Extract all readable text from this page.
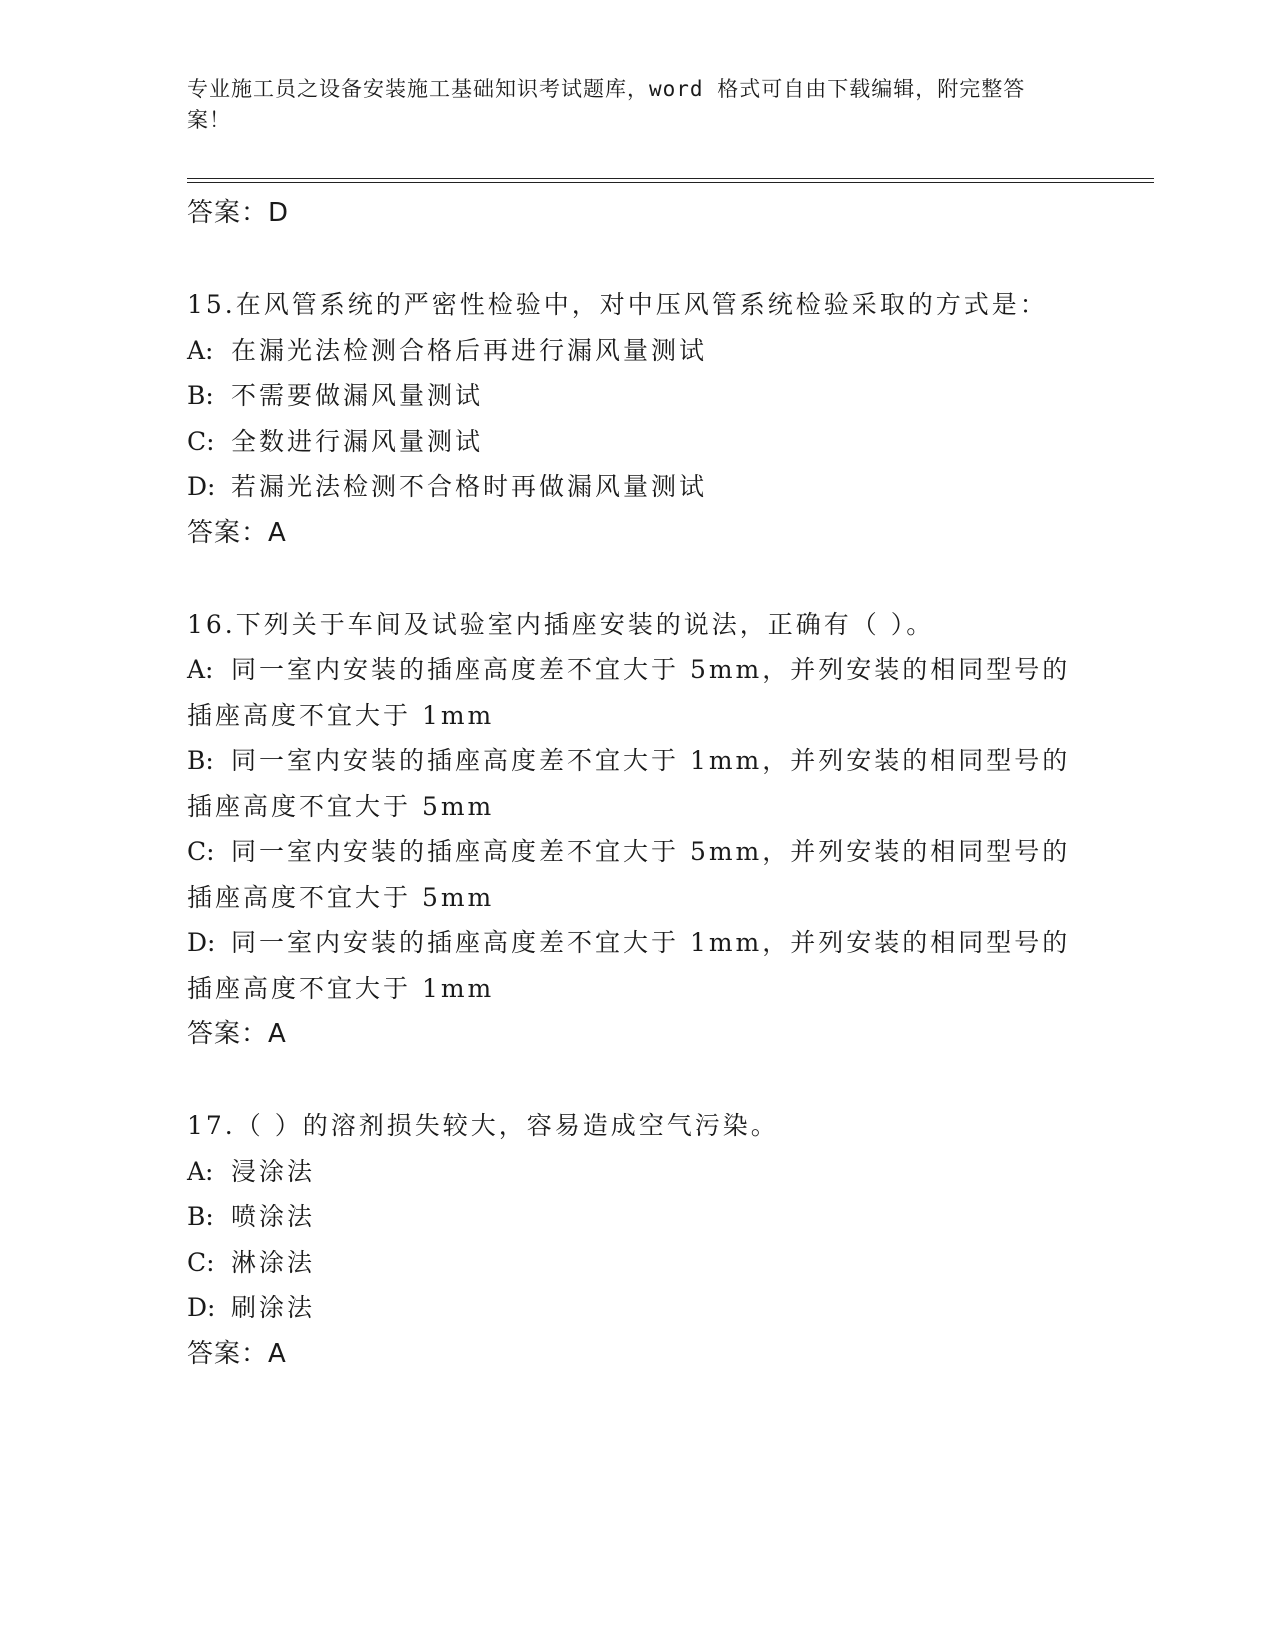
专业施工员之设备安装施工基础知识考试题库，word 格式可自由下载编辑，附完整答案！
答案：D
15.在风管系统的严密性检验中，对中压风管系统检验采取的方式是：
A: 在漏光法检测合格后再进行漏风量测试
B: 不需要做漏风量测试
C: 全数进行漏风量测试
D: 若漏光法检测不合格时再做漏风量测试
答案：A
16.下列关于车间及试验室内插座安装的说法，正确有（ ）。
A: 同一室内安装的插座高度差不宜大于 5mm，并列安装的相同型号的插座高度不宜大于 1mm
B: 同一室内安装的插座高度差不宜大于 1mm，并列安装的相同型号的插座高度不宜大于 5mm
C: 同一室内安装的插座高度差不宜大于 5mm，并列安装的相同型号的插座高度不宜大于 5mm
D: 同一室内安装的插座高度差不宜大于 1mm，并列安装的相同型号的插座高度不宜大于 1mm
答案：A
17.（ ）的溶剂损失较大，容易造成空气污染。
A: 浸涂法
B: 喷涂法
C: 淋涂法
D: 刷涂法
答案：A
